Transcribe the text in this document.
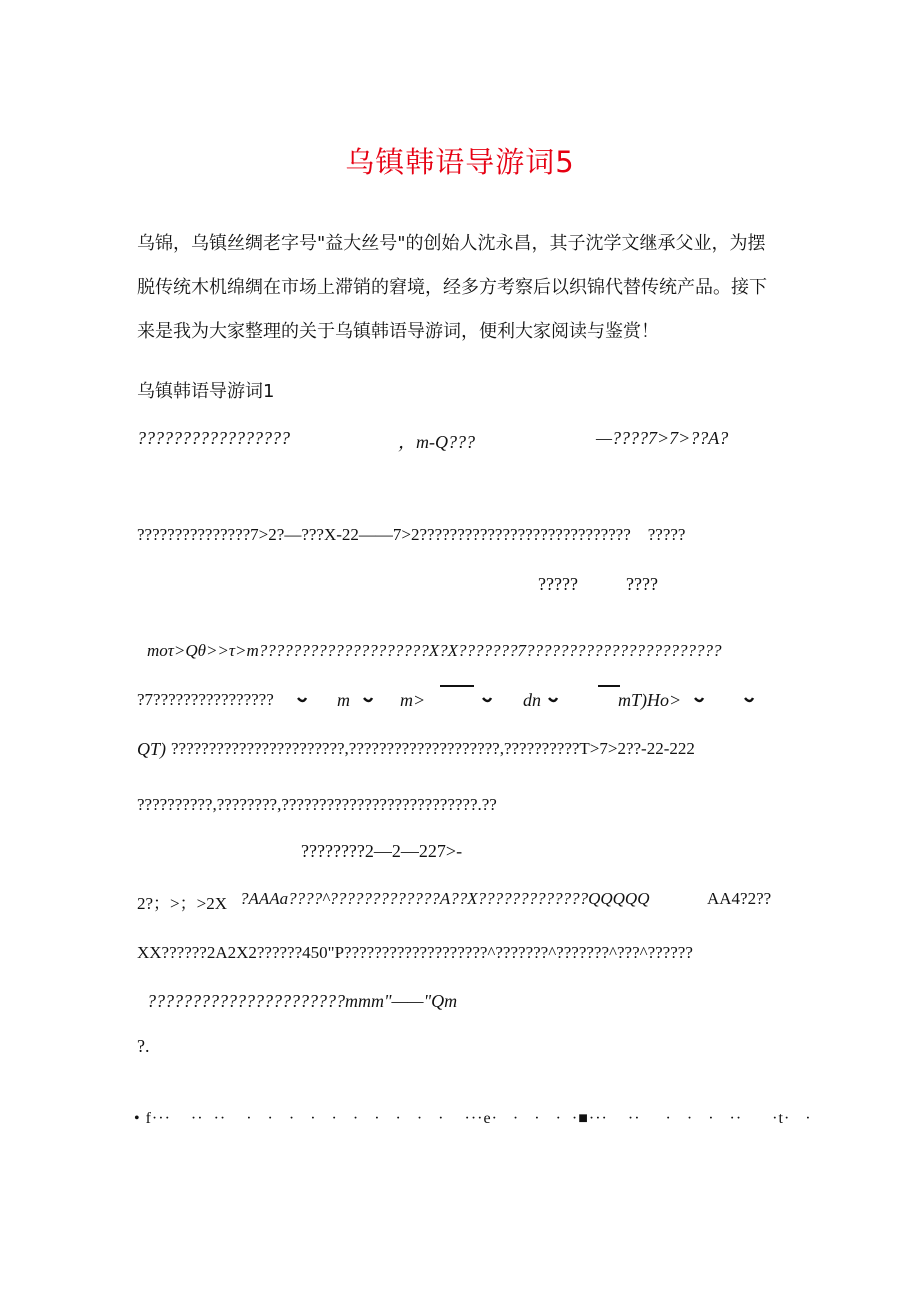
乌镇韩语导游词5

乌锦，乌镇丝绸老字号"益大丝号"的创始人沈永昌，其子沈学文继承父业，为摆

脱传统木机绵绸在市场上滞销的窘境，经多方考察后以织锦代替传统产品。接下

来是我为大家整理的关于乌镇韩语导游词，便利大家阅读与鉴赏！

乌镇韩语导游词1
?????????????????	，m-Q???	—????7>7>??A?
???????????????7>2?—???X-22——7>2????????????????????????????    ?????
?????	????
moτ>Qθ>>τ>m????????????????????X?X???????7???????????????????????
?7????????????????	m	m>	dn	mT)Ho>
QT) ???????????????????????,????????????????????,??????????T>7>2??-22-222
??????????,????????,??????????????????????????.??
????????2—2—227>-
2?；>；>2X ?AAAa????^?????????????A??X?????????????QQQQQ	AA4?2??
XX??????2A2X2??????450"P???????????????????^???????^???????^???^??????
??????????????????????mmm"——"Qm
?.
• f···    ··  ··    ·   ·   ·   ·   ·   ·   ·   ·   ·   ·    ···e·   ·   ·   ·  ·■···    ··     ·   ·   ·   ··      ·t·   ·
